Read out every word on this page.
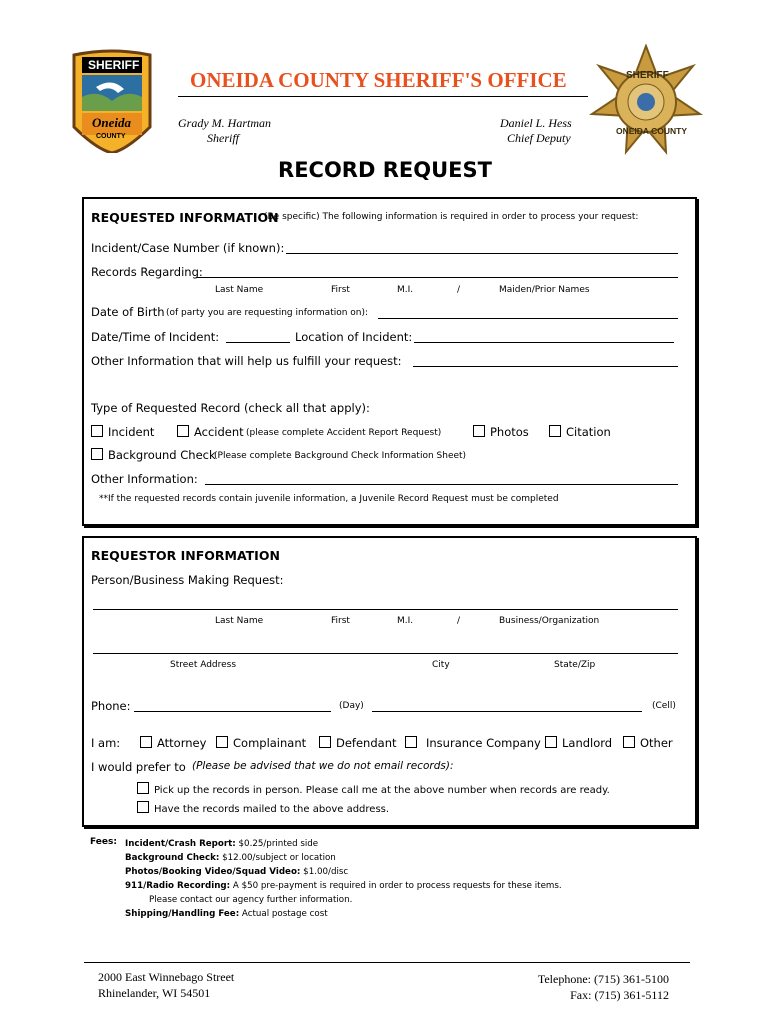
SHERIFF
Oneida
COUNTY
ONEIDA COUNTY SHERIFF'S OFFICE
Grady M. Hartman
Sheriff
Daniel L. Hess
Chief Deputy
SHERIFF
ONEIDA COUNTY
RECORD REQUEST
REQUESTED INFORMATION
(Be specific) The following information is required in order to process your request:
Incident/Case Number (if known):
Records Regarding:
Last Name	First	M.I.	/	Maiden/Prior Names
Date of Birth (of party you are requesting information on):
Date/Time of Incident:	Location of Incident:
Other Information that will help us fulfill your request:
Type of Requested Record (check all that apply):
Incident	Accident (please complete Accident Report Request)	Photos	Citation
Background Check
(Please complete Background Check Information Sheet)
Other Information:
**If the requested records contain juvenile information, a Juvenile Record Request must be completed
REQUESTOR INFORMATION
Person/Business Making Request:
Last Name	First	M.I.	/	Business/Organization
Street Address	City	State/Zip
Phone:	(Day)	(Cell)
I am:	Attorney	Complainant	Defendant	Insurance Company	Landlord	Other
I would prefer to (Please be advised that we do not email records):
Pick up the records in person. Please call me at the above number when records are ready.
Have the records mailed to the above address.
Fees: Incident/Crash Report: $0.25/printed side
Background Check: $12.00/subject or location
Photos/Booking Video/Squad Video: $1.00/disc
911/Radio Recording: A $50 pre-payment is required in order to process requests for these items.
Please contact our agency further information.
Shipping/Handling Fee: Actual postage cost
2000 East Winnebago Street
Rhinelander, WI 54501
Telephone: (715) 361-5100
Fax: (715) 361-5112
